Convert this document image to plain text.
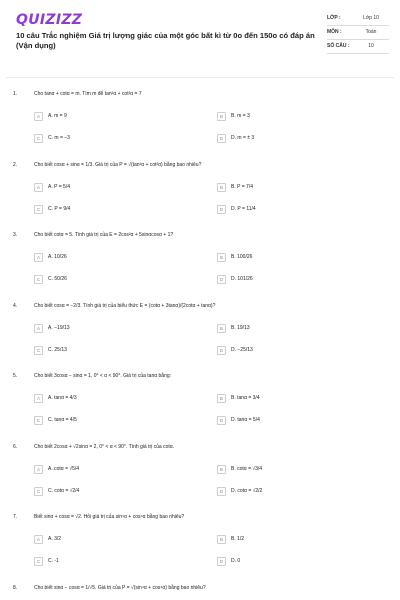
QUIZIZZ
10 câu Trắc nghiệm Giá trị lượng giác của một góc bất kì từ 0o đến 150o có đáp án (Vận dụng)
LỚP :	Lớp 10
MÔN :	Toán
SỐ CÂU :	10
1.	Cho tanα + cotα = m. Tìm m để tan²α + cot²α = 7
A	A. m = 9	B	B. m = 3
C	C. m = −3	D	D. m = ± 3
2.	Cho biết cosα + sinα = 1/3. Giá trị của P = √(tan²α + cot²α) bằng bao nhiêu?
A	A. P = 5/4	B	B. P = 7/4
C	C. P = 9/4	D	D. P = 11/4
3.	Cho biết cotα = 5. Tính giá trị của E = 2cos²α + 5sinαcosα + 1?
A	A. 10/26	B	B. 100/26
C	C. 50/26	D	D. 101/26
4.	Cho biết cosα = −2/3. Tính giá trị của biểu thức E = (cotα + 3tanα)/(2cotα + tanα)?
A	A. −19/13	B	B. 19/13
C	C. 25/13	D	D. −25/13
5.	Cho biết 3cosα − sinα = 1, 0° < α < 90°. Giá trị của tanα bằng:
A	A. tanα = 4/3	B	B. tanα = 3/4
C	C. tanα = 4/5	D	D. tanα = 5/4
6.	Cho biết 2cosα + √2sinα = 2, 0° < α < 90°. Tính giá trị của cotα.
A	A. cotα = √5/4	B	B. cotα = √3/4
C	C. cotα = √2/4	D	D. cotα = √2/2
7.	Biết sinα + cosα = √2. Hỏi giá trị của sin⁴α + cos⁴α bằng bao nhiêu?
A	A. 3/2	B	B. 1/2
C	C. -1	D	D. 0
8.	Cho biết sinα − cosα = 1/√5. Giá trị của P = √(sin⁴α + cos⁴α) bằng bao nhiêu?
